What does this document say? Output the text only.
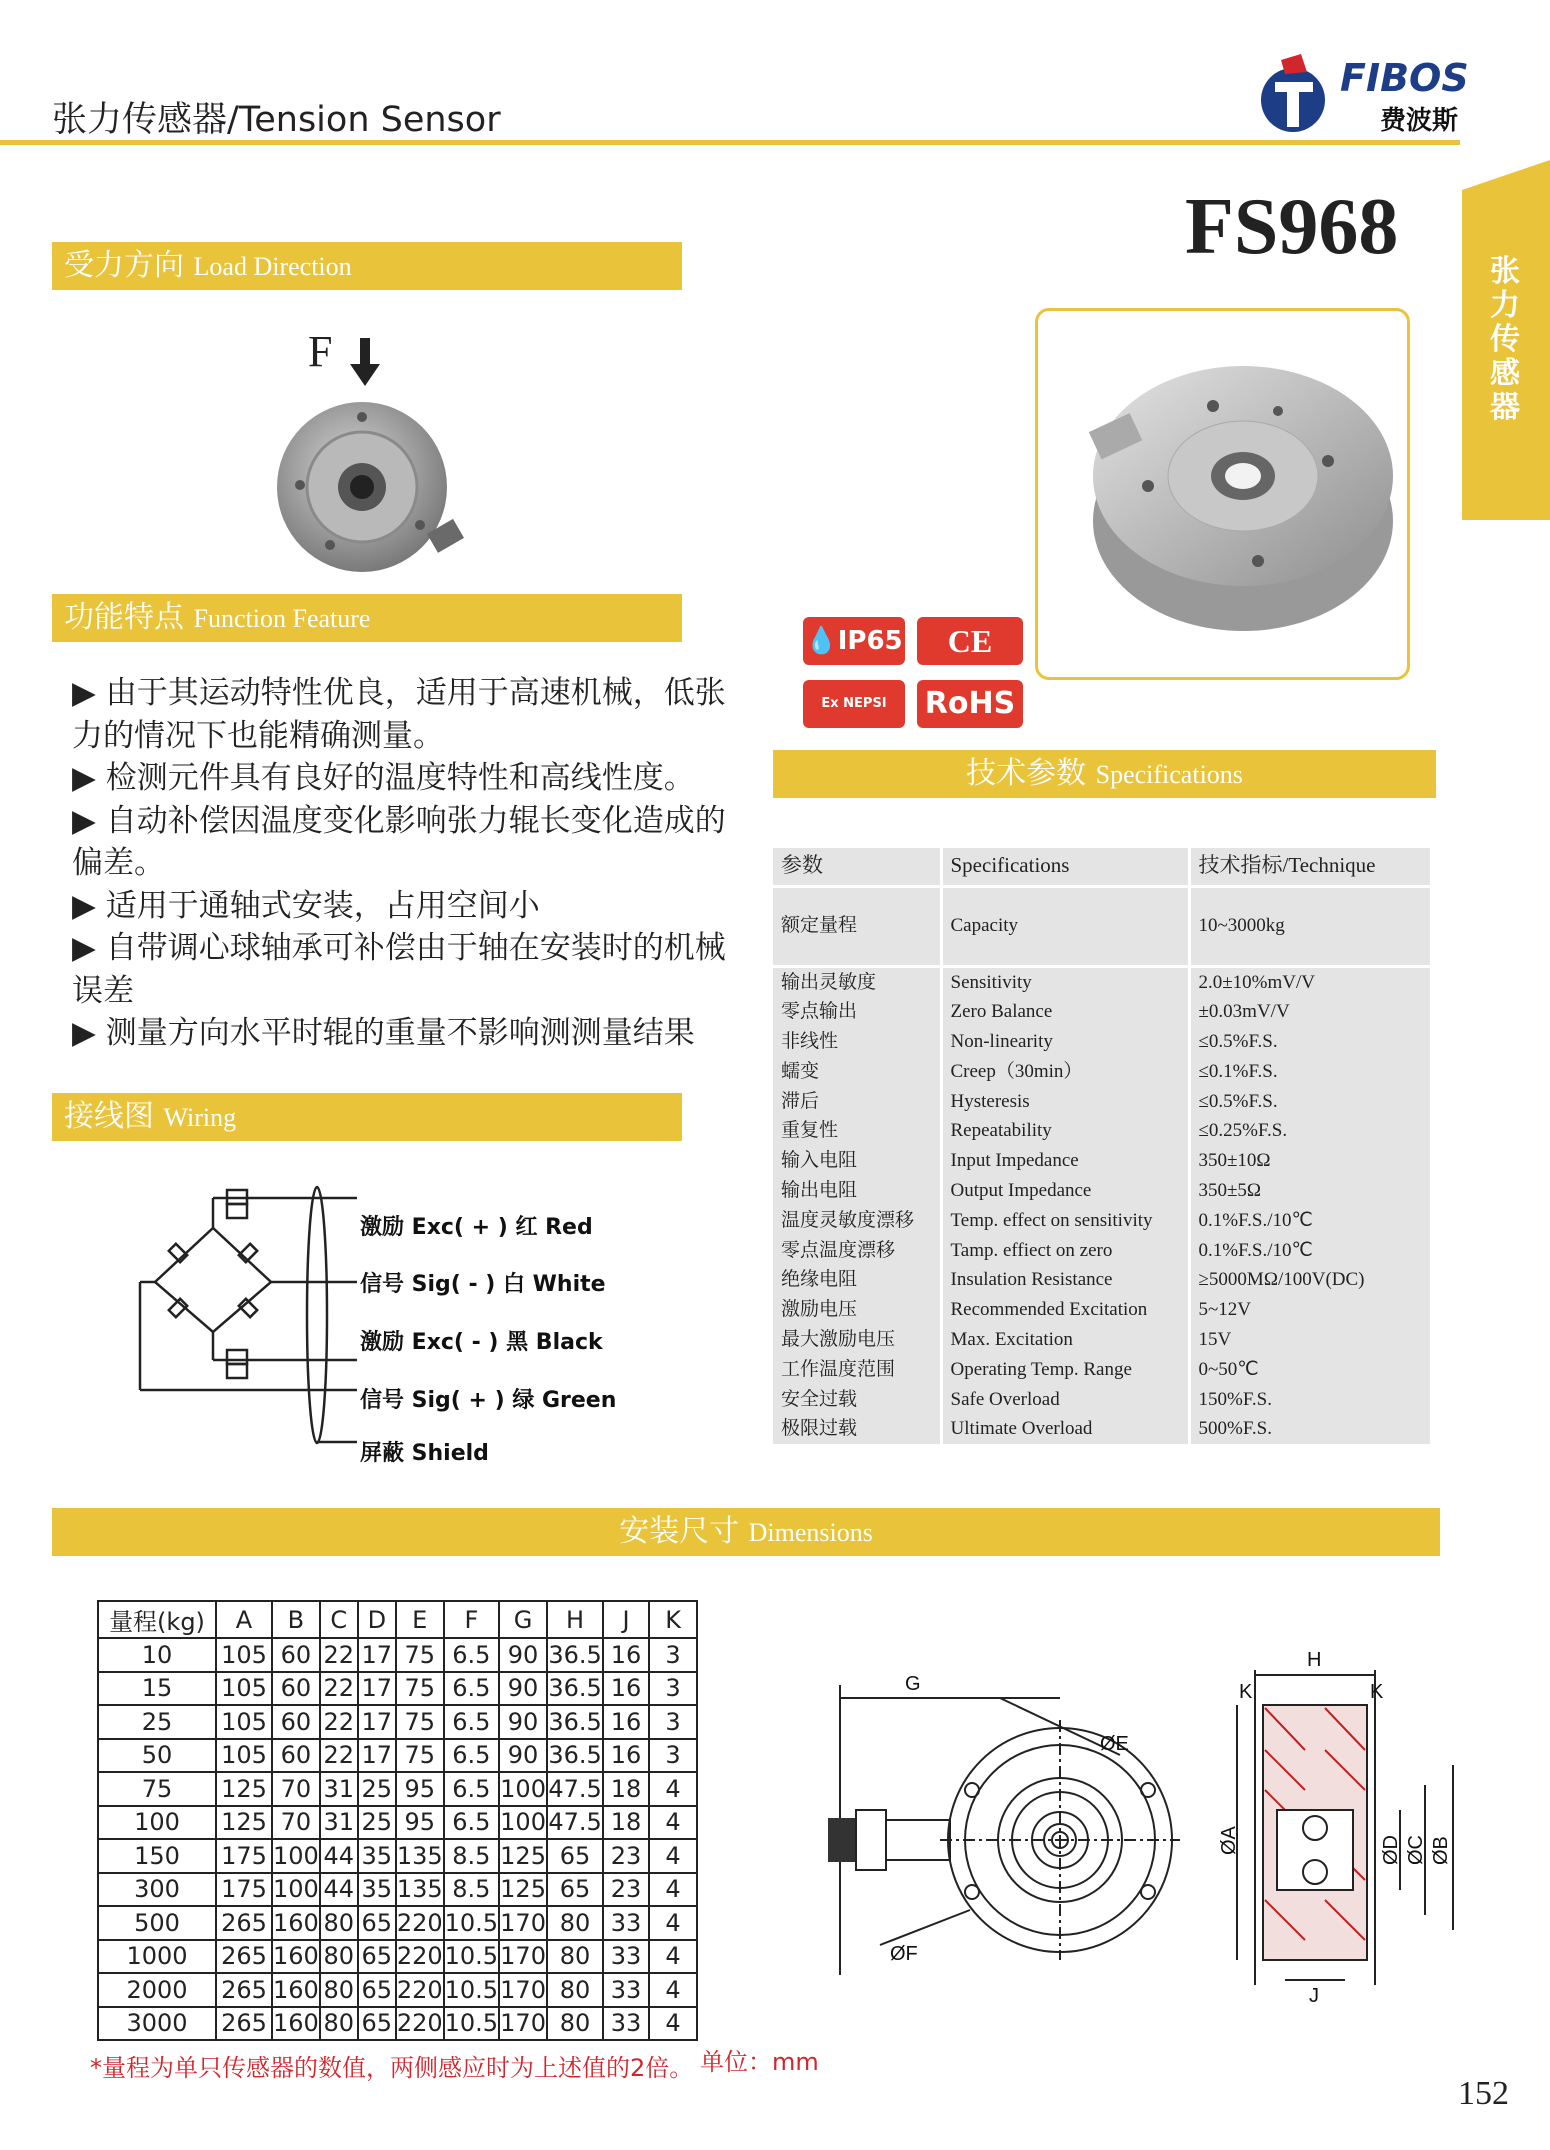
张力传感器/Tension Sensor
FIBOS
费波斯
张力传感器
FS968
受力方向 Load Direction
F
功能特点 Function Feature
▶ 由于其运动特性优良，适用于高速机械，低张力的情况下也能精确测量。
▶ 检测元件具有良好的温度特性和高线性度。
▶ 自动补偿因温度变化影响张力辊长变化造成的偏差。
▶ 适用于通轴式安装，占用空间小
▶ 自带调心球轴承可补偿由于轴在安装时的机械误差
▶ 测量方向水平时辊的重量不影响测测量结果
接线图 Wiring
激励 Exc( + ) 红 Red
信号 Sig( - ) 白 White
激励 Exc( - ) 黑 Black
信号 Sig( + ) 绿 Green
屏蔽 Shield
💧IP65	CE
Ex NEPSI	RoHS
技术参数 Specifications
参数	Specifications	技术指标/Technique
额定量程	Capacity	10~3000kg
输出灵敏度	Sensitivity	2.0±10%mV/V
零点输出	Zero Balance	±0.03mV/V
非线性	Non-linearity	≤0.5%F.S.
蠕变	Creep（30min）	≤0.1%F.S.
滞后	Hysteresis	≤0.5%F.S.
重复性	Repeatability	≤0.25%F.S.
输入电阻	Input Impedance	350±10Ω
输出电阻	Output Impedance	350±5Ω
温度灵敏度漂移	Temp. effect on sensitivity	0.1%F.S./10℃
零点温度漂移	Tamp. effiect on zero	0.1%F.S./10℃
绝缘电阻	Insulation Resistance	≥5000MΩ/100V(DC)
激励电压	Recommended Excitation	5~12V
最大激励电压	Max. Excitation	15V
工作温度范围	Operating Temp. Range	0~50℃
安全过载	Safe Overload	150%F.S.
极限过载	Ultimate Overload	500%F.S.
安装尺寸 Dimensions
量程(kg)	A	B	C	D	E	F	G	H	J	K
10	105	60	22	17	75	6.5	90	36.5	16	3
15	105	60	22	17	75	6.5	90	36.5	16	3
25	105	60	22	17	75	6.5	90	36.5	16	3
50	105	60	22	17	75	6.5	90	36.5	16	3
75	125	70	31	25	95	6.5	100	47.5	18	4
100	125	70	31	25	95	6.5	100	47.5	18	4
150	175	100	44	35	135	8.5	125	65	23	4
300	175	100	44	35	135	8.5	125	65	23	4
500	265	160	80	65	220	10.5	170	80	33	4
1000	265	160	80	65	220	10.5	170	80	33	4
2000	265	160	80	65	220	10.5	170	80	33	4
3000	265	160	80	65	220	10.5	170	80	33	4
G
ØE
ØF
H
K	K
ØA	ØD ØC ØB
J
*量程为单只传感器的数值，两侧感应时为上述值的2倍。 单位：mm
152
